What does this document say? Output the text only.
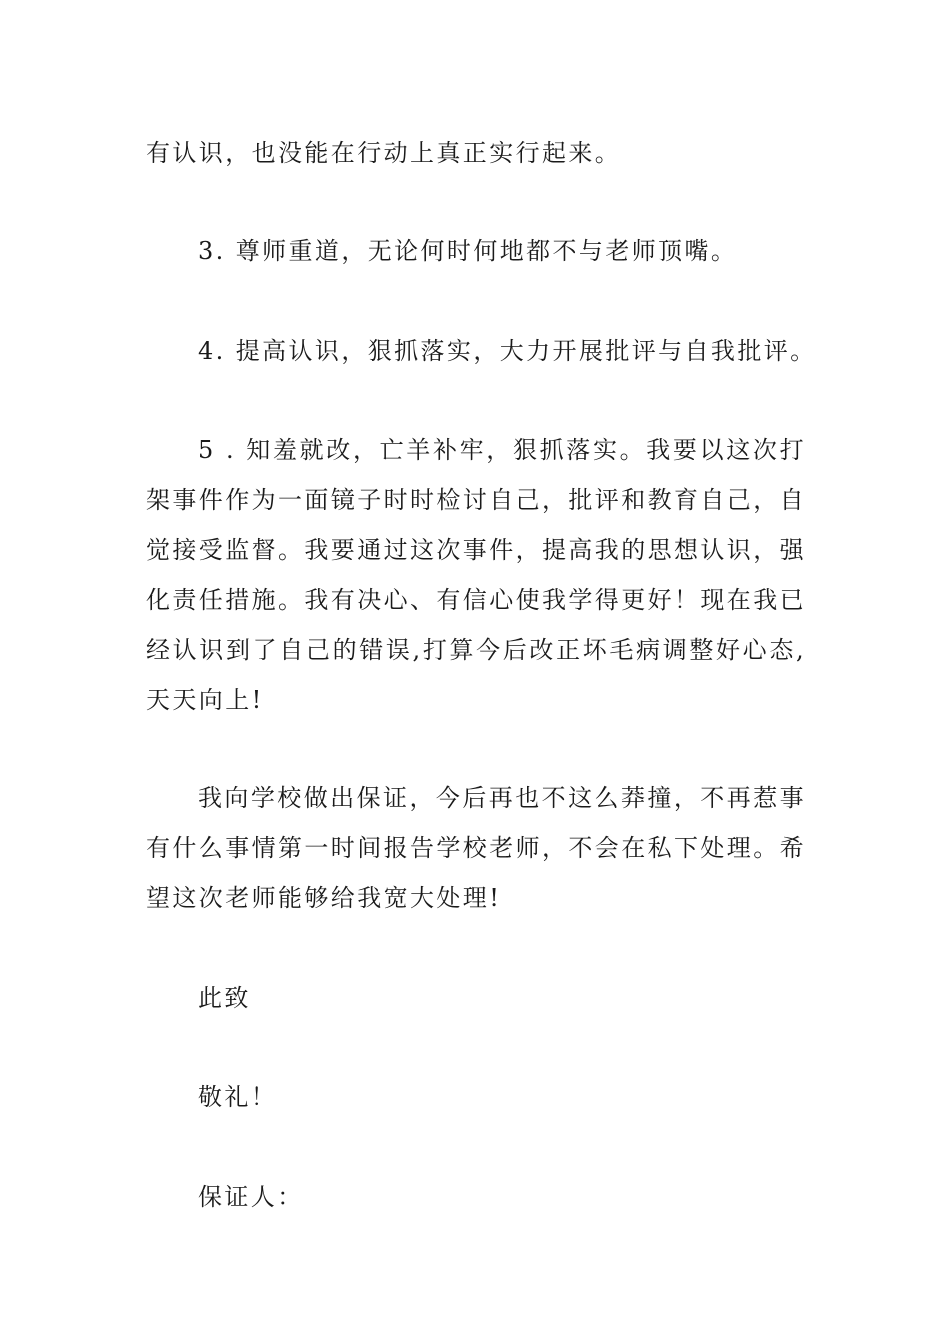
有认识，也没能在行动上真正实行起来。
3. 尊师重道，无论何时何地都不与老师顶嘴。
4. 提高认识，狠抓落实，大力开展批评与自我批评。
5 . 知羞就改，亡羊补牢，狠抓落实。我要以这次打架事件作为一面镜子时时检讨自己，批评和教育自己，自觉接受监督。我要通过这次事件，提高我的思想认识，强化责任措施。我有决心、有信心使我学得更好！现在我已经认识到了自己的错误,打算今后改正坏毛病调整好心态,天天向上!
我向学校做出保证，今后再也不这么莽撞，不再惹事有什么事情第一时间报告学校老师，不会在私下处理。希望这次老师能够给我宽大处理!
此致
敬礼！
保证人：
